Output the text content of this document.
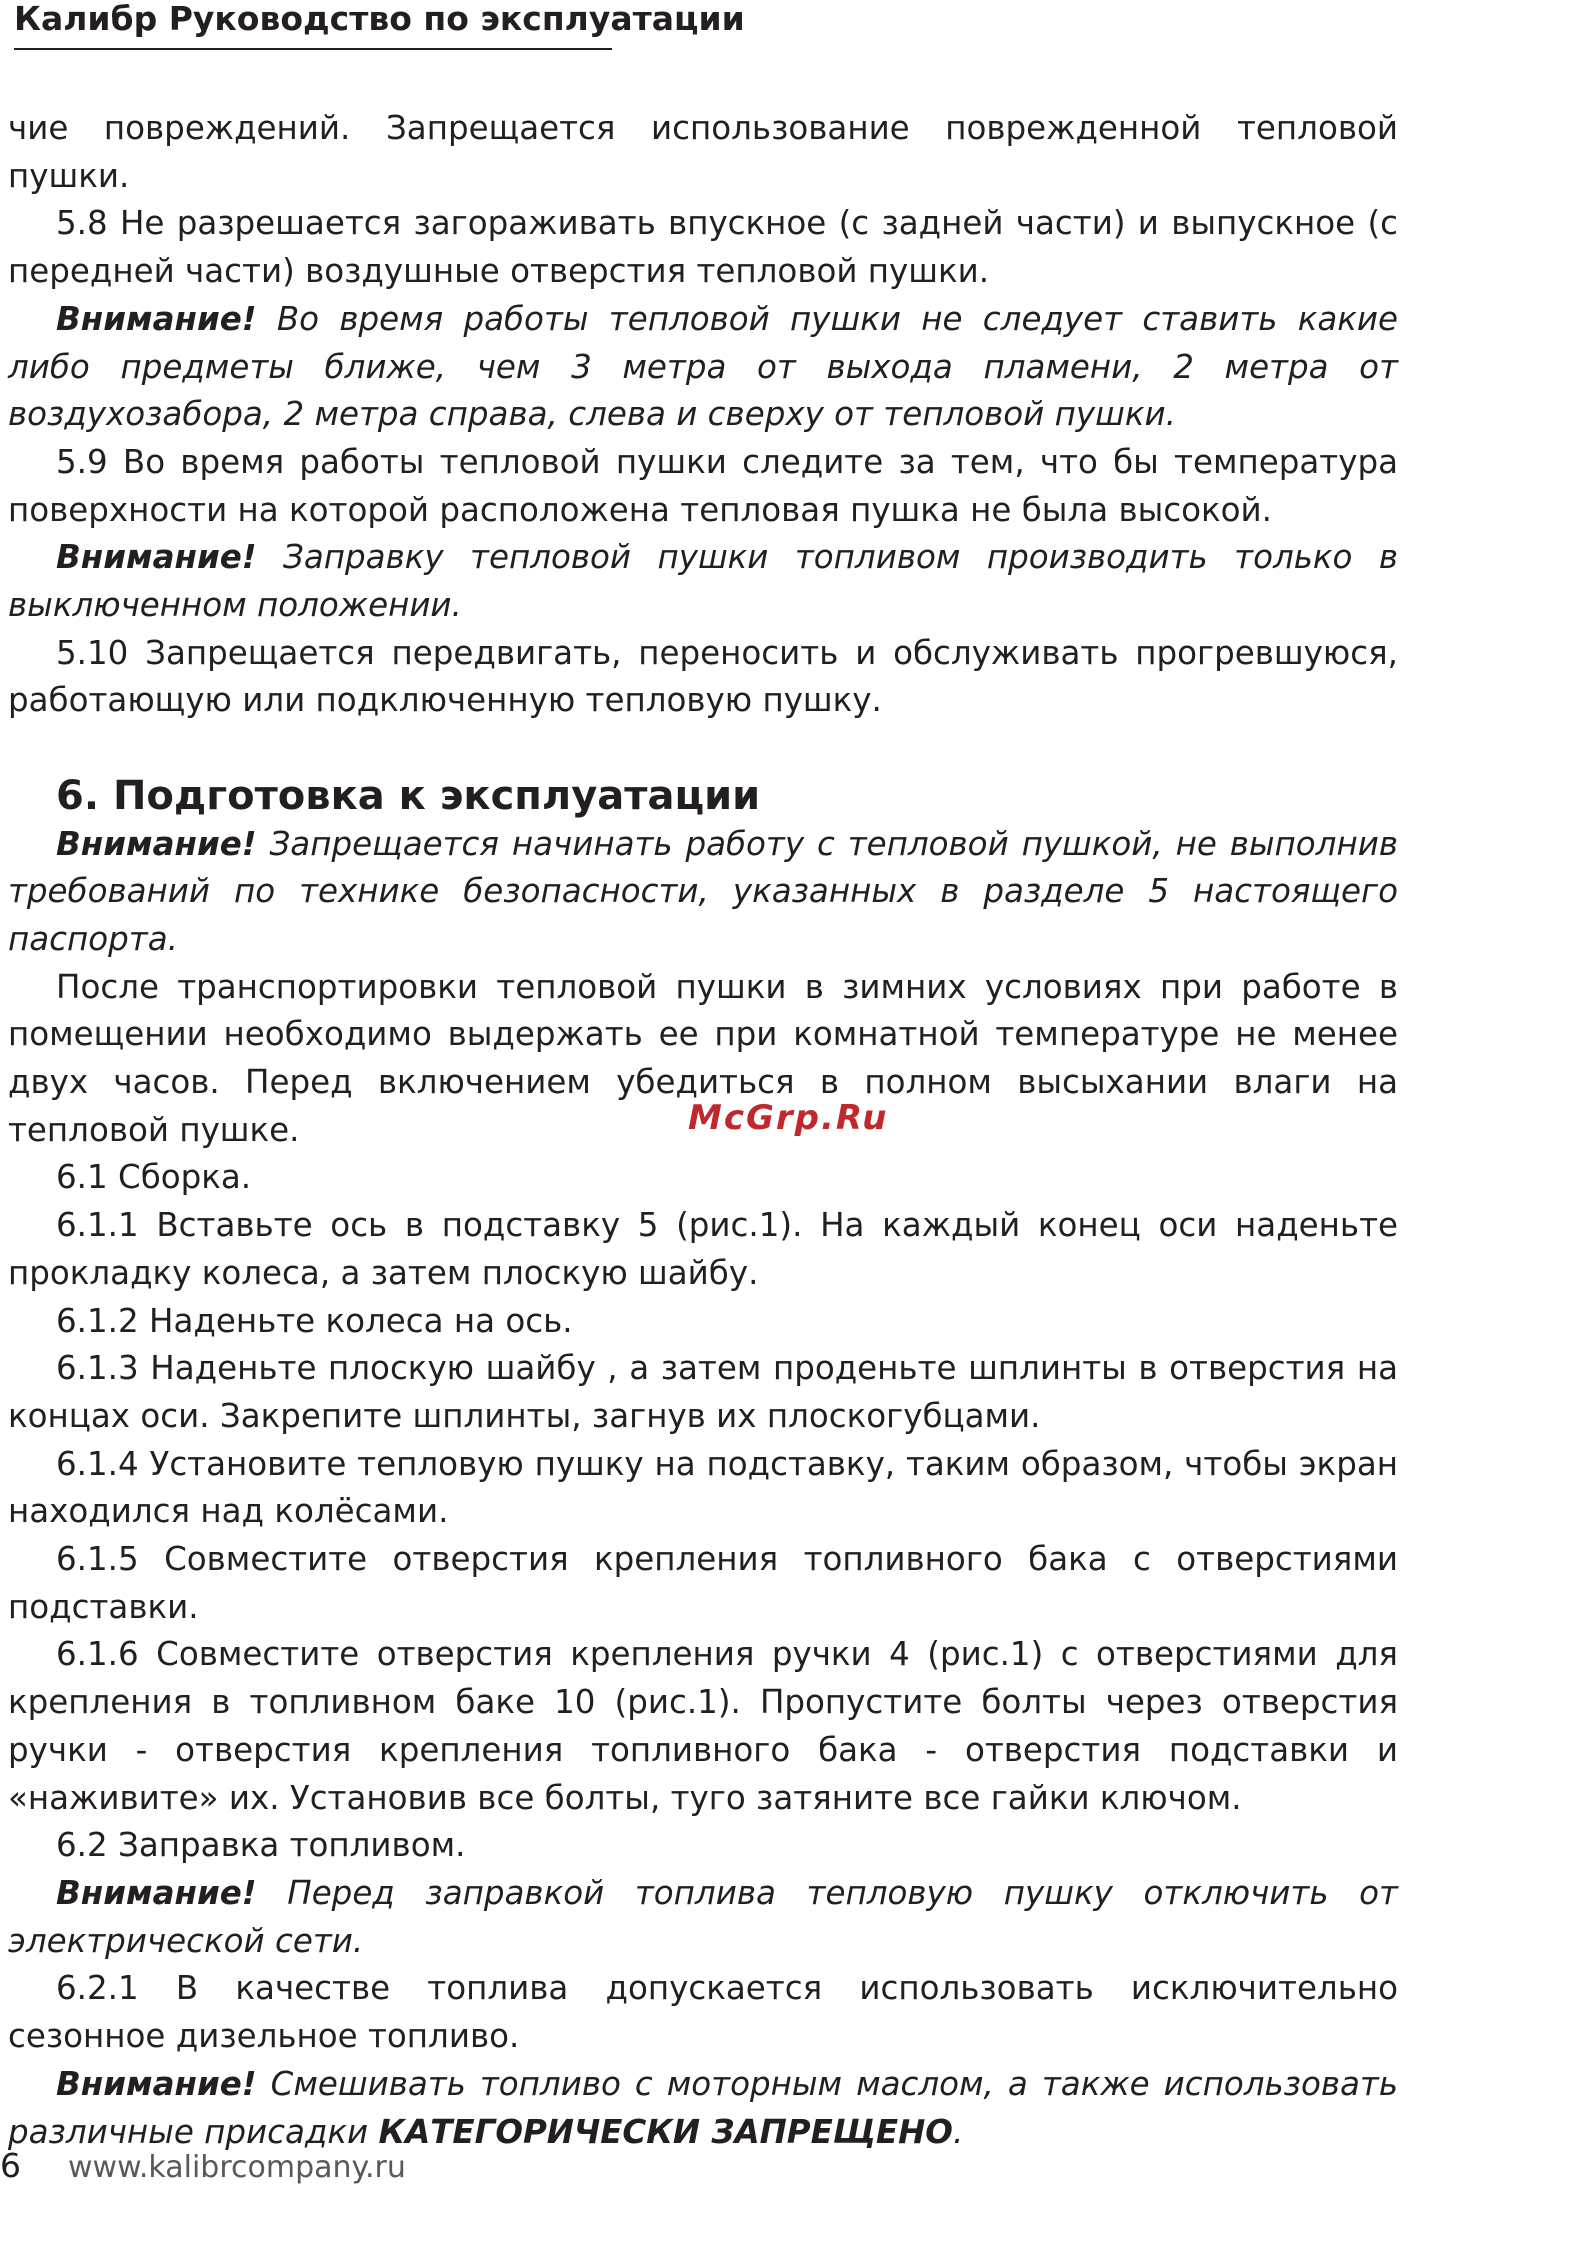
Калибр Руководство по эксплуатации

чие повреждений. Запрещается использование поврежденной тепловой пушки.

5.8 Не разрешается загораживать впускное (с задней части) и выпускное (с передней части) воздушные отверстия тепловой пушки.

Внимание! Во время работы тепловой пушки не следует ставить какие либо предметы ближе, чем 3 метра от выхода пламени, 2 метра от воздухозабора, 2 метра справа, слева и сверху от тепловой пушки.

5.9 Во время работы тепловой пушки следите за тем, что бы температура поверхности на которой расположена тепловая пушка не была высокой.

Внимание! Заправку тепловой пушки топливом производить только в выключенном положении.

5.10 Запрещается передвигать, переносить и обслуживать прогревшуюся, работающую или подключенную тепловую пушку.

6. Подготовка к эксплуатации

Внимание! Запрещается начинать работу с тепловой пушкой, не выполнив требований по технике безопасности, указанных в разделе 5 настоящего паспорта.

После транспортировки тепловой пушки в зимних условиях при работе в помещении необходимо выдержать ее при комнатной температуре не менее двух часов. Перед включением убедиться в полном высыхании влаги на тепловой пушке.

6.1 Сборка.

6.1.1 Вставьте ось в подставку 5 (рис.1). На каждый конец оси наденьте прокладку колеса, а затем плоскую шайбу.

6.1.2 Наденьте колеса на ось.

6.1.3 Наденьте плоскую шайбу , а затем проденьте шплинты в отверстия на концах оси. Закрепите шплинты, загнув их плоскогубцами.

6.1.4 Установите тепловую пушку на подставку, таким образом, чтобы экран находился над колёсами.

6.1.5 Совместите отверстия крепления топливного бака с отверстиями подставки.

6.1.6 Совместите отверстия крепления ручки 4 (рис.1) с отверстиями для крепления в топливном баке 10 (рис.1). Пропустите болты через отверстия ручки - отверстия крепления топливного бака - отверстия подставки и «наживите» их. Установив все болты, туго затяните все гайки ключом.

6.2 Заправка топливом.

Внимание! Перед заправкой топлива тепловую пушку отключить от электрической сети.

6.2.1 В качестве топлива допускается использовать исключительно сезонное дизельное топливо.

Внимание! Смешивать топливо с моторным маслом, а также использовать различные присадки КАТЕГОРИЧЕСКИ ЗАПРЕЩЕНО.

McGrp.Ru
6 www.kalibrcompany.ru
